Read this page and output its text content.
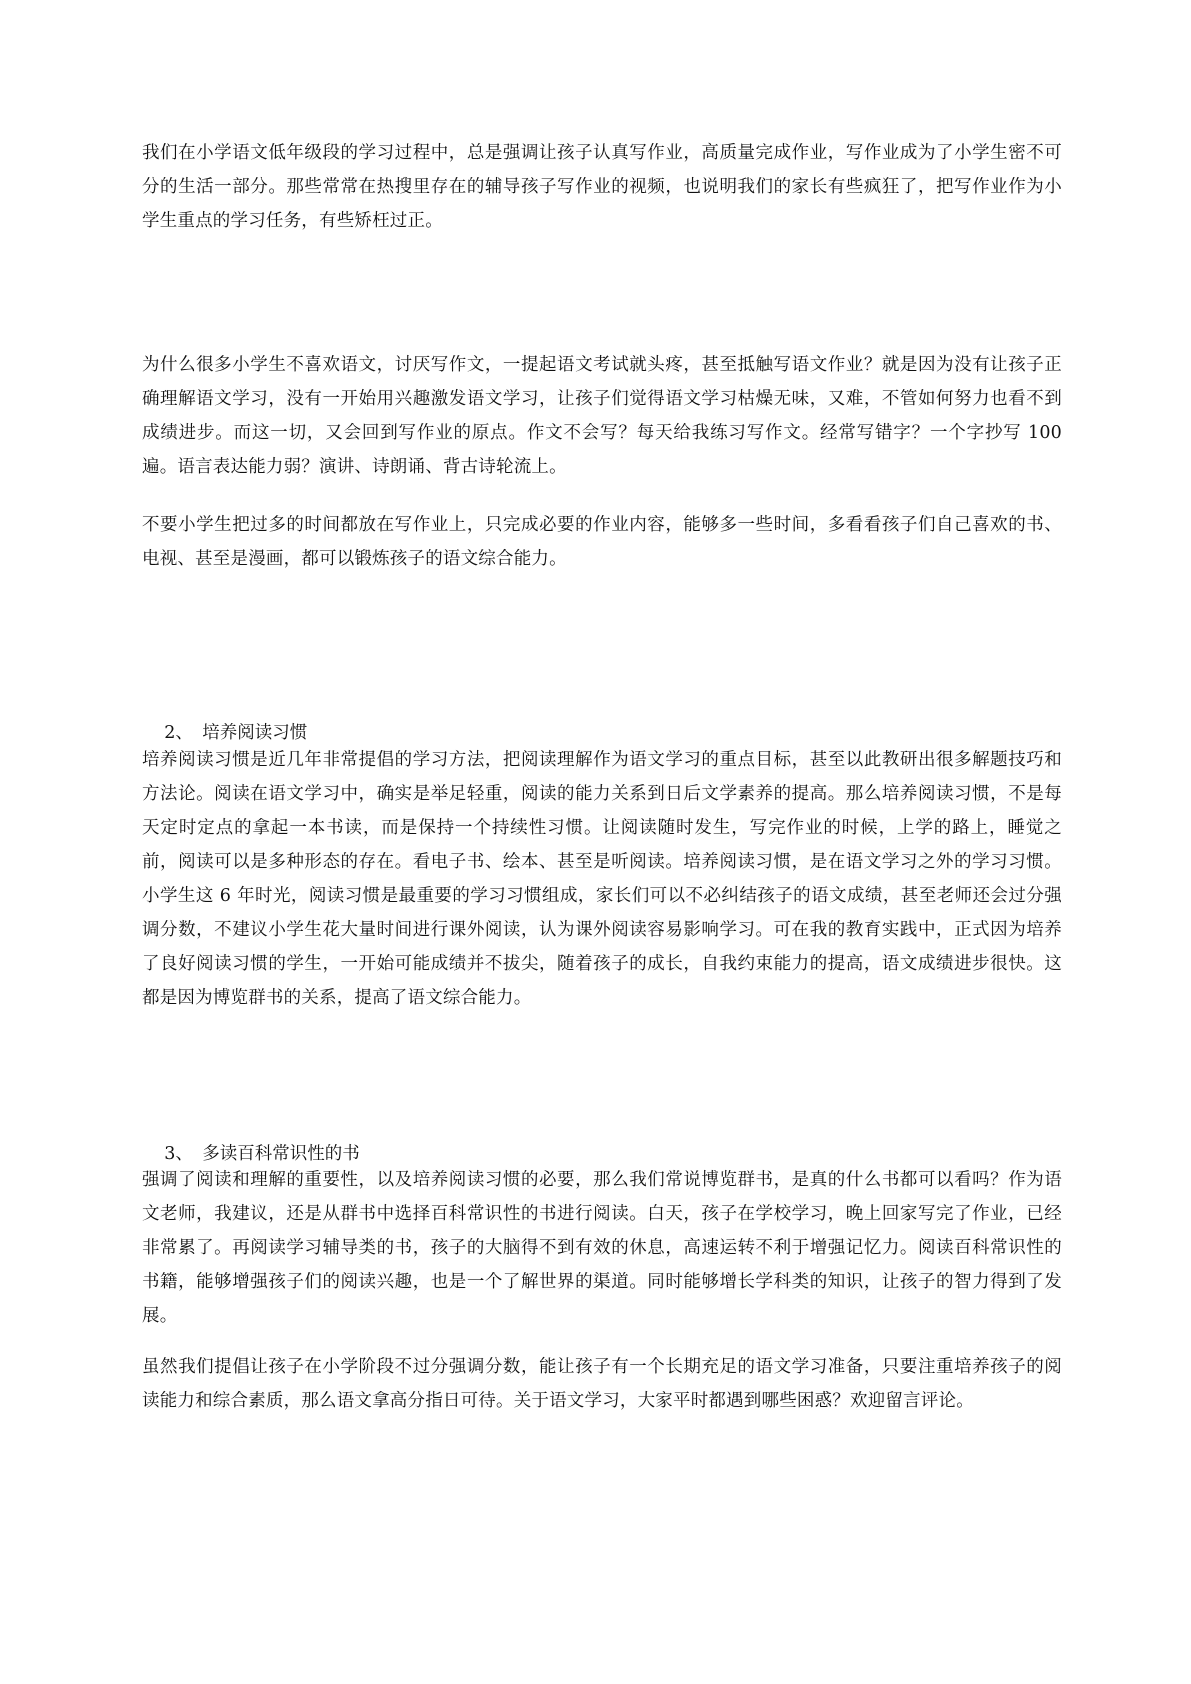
我们在小学语文低年级段的学习过程中，总是强调让孩子认真写作业，高质量完成作业，写作业成为了小学生密不可分的生活一部分。那些常常在热搜里存在的辅导孩子写作业的视频，也说明我们的家长有些疯狂了，把写作业作为小学生重点的学习任务，有些矫枉过正。

为什么很多小学生不喜欢语文，讨厌写作文，一提起语文考试就头疼，甚至抵触写语文作业？就是因为没有让孩子正确理解语文学习，没有一开始用兴趣激发语文学习，让孩子们觉得语文学习枯燥无味，又难，不管如何努力也看不到成绩进步。而这一切，又会回到写作业的原点。作文不会写？每天给我练习写作文。经常写错字？一个字抄写 100 遍。语言表达能力弱？演讲、诗朗诵、背古诗轮流上。

不要小学生把过多的时间都放在写作业上，只完成必要的作业内容，能够多一些时间，多看看孩子们自己喜欢的书、电视、甚至是漫画，都可以锻炼孩子的语文综合能力。

2、 培养阅读习惯

培养阅读习惯是近几年非常提倡的学习方法，把阅读理解作为语文学习的重点目标，甚至以此教研出很多解题技巧和方法论。阅读在语文学习中，确实是举足轻重，阅读的能力关系到日后文学素养的提高。那么培养阅读习惯，不是每天定时定点的拿起一本书读，而是保持一个持续性习惯。让阅读随时发生，写完作业的时候，上学的路上，睡觉之前，阅读可以是多种形态的存在。看电子书、绘本、甚至是听阅读。培养阅读习惯，是在语文学习之外的学习习惯。小学生这 6 年时光，阅读习惯是最重要的学习习惯组成，家长们可以不必纠结孩子的语文成绩，甚至老师还会过分强调分数，不建议小学生花大量时间进行课外阅读，认为课外阅读容易影响学习。可在我的教育实践中，正式因为培养了良好阅读习惯的学生，一开始可能成绩并不拔尖，随着孩子的成长，自我约束能力的提高，语文成绩进步很快。这都是因为博览群书的关系，提高了语文综合能力。

3、 多读百科常识性的书

强调了阅读和理解的重要性，以及培养阅读习惯的必要，那么我们常说博览群书，是真的什么书都可以看吗？作为语文老师，我建议，还是从群书中选择百科常识性的书进行阅读。白天，孩子在学校学习，晚上回家写完了作业，已经非常累了。再阅读学习辅导类的书，孩子的大脑得不到有效的休息，高速运转不利于增强记忆力。阅读百科常识性的书籍，能够增强孩子们的阅读兴趣，也是一个了解世界的渠道。同时能够增长学科类的知识，让孩子的智力得到了发展。

虽然我们提倡让孩子在小学阶段不过分强调分数，能让孩子有一个长期充足的语文学习准备，只要注重培养孩子的阅读能力和综合素质，那么语文拿高分指日可待。关于语文学习，大家平时都遇到哪些困惑？欢迎留言评论。
